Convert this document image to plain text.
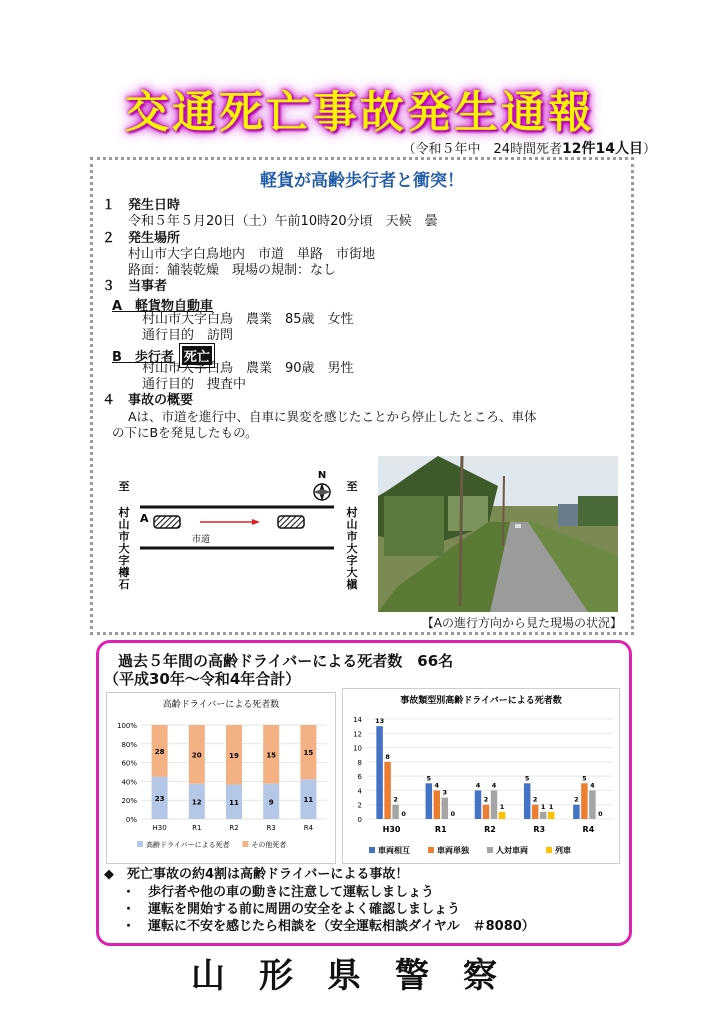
交通死亡事故発生通報
（令和５年中　24時間死者12件14人目）
軽貨が高齢歩行者と衝突！
１　発生日時
令和５年５月20日（土）午前10時20分頃　天候　曇
２　発生場所
村山市大字白鳥地内　市道　単路　市街地
路面：舗装乾燥　現場の規制：なし
３　当事者
A　軽貨物自動車
村山市大字白鳥　農業　85歳　女性
通行目的　訪問
B　歩行者 死亡
村山市大字白鳥　農業　90歳　男性
通行目的　捜査中
４　事故の概要
Aは、市道を進行中、自車に異変を感じたことから停止したところ、車体
の下にBを発見したもの。
A
市道
N
至
村
山
市
大
字
樽
石
至
村
山
市
大
字
大
槇
【Aの進行方向から見た現場の状況】
過去５年間の高齢ドライバーによる死者数　66名
（平成30年～令和4年合計）
高齢ドライバーによる死者数
0%
20%
40%
60%
80%
100%
23
28
H30
12
20
R1
11
19
R2
9
15
R3
11
15
R4
高齢ドライバーによる死者	その他死者
事故類型別高齢ドライバーによる死者数
0
2
4
6
8
10
12
14 13
8
2
0
H30
5
4
3
0
R1
4
2
4
1
R2
5
2
1 1
R3
2
5
4
0
R4
車両相互	車両単独	人対車両	列車
◆　死亡事故の約4割は高齢ドライバーによる事故！
・　歩行者や他の車の動きに注意して運転しましょう
・　運転を開始する前に周囲の安全をよく確認しましょう
・　運転に不安を感じたら相談を（安全運転相談ダイヤル　＃8080）
山形県警察
